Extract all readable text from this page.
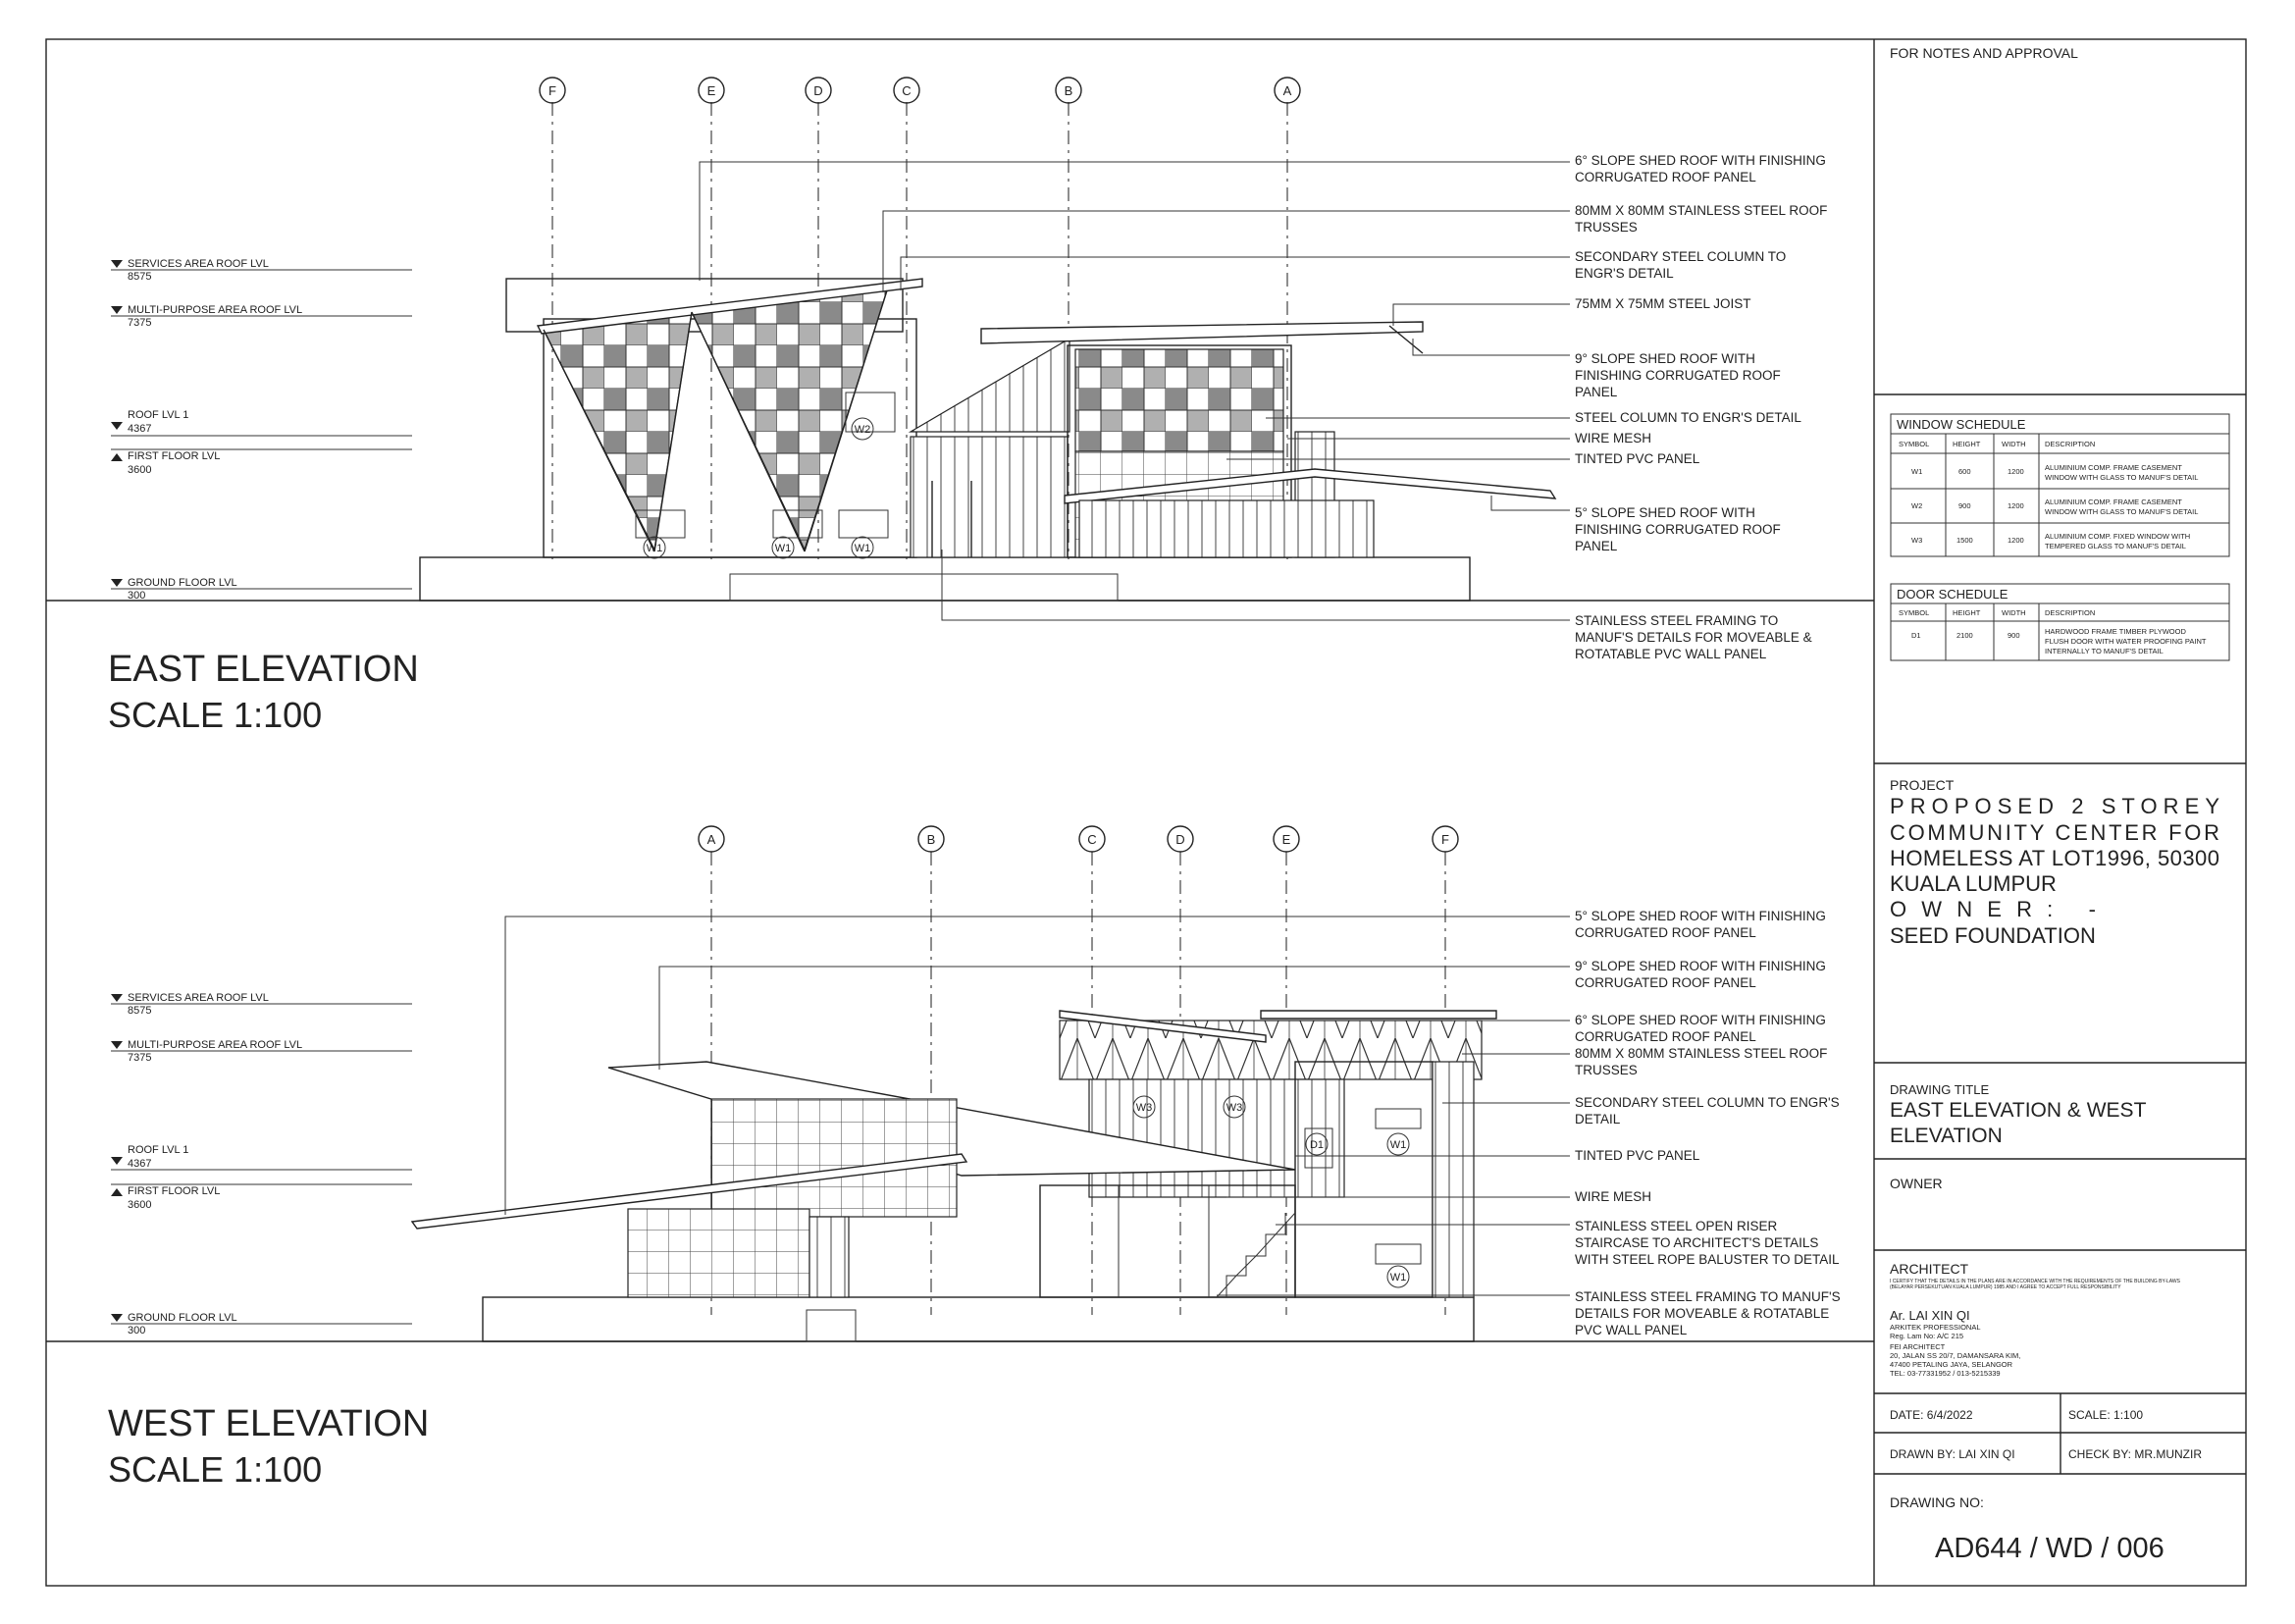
FOR NOTES AND APPROVAL
PROJECT
PROPOSED 2 STOREY
COMMUNITY CENTER FOR
HOMELESS AT LOT1996, 50300
KUALA LUMPUR
OWNER: -
SEED FOUNDATION
DRAWING TITLE
EAST ELEVATION & WEST
ELEVATION
OWNER
ARCHITECT
I CERTIFY THAT THE DETAILS IN THE PLANS ARE IN ACCORDANCE WITH THE REQUIREMENTS OF THE BUILDING BY-LAWS
(BELAYAR PERSEKUTUAN KUALA LUMPUR) 1985 AND I AGREE TO ACCEPT FULL RESPONSIBILITY
Ar. LAI XIN QI
ARKITEK PROFESSIONAL
Reg. Lam No: A/C 215
FEI ARCHITECT
20, JALAN SS 20/7, DAMANSARA KIM,
47400 PETALING JAYA, SELANGOR
TEL: 03-77331952 / 013-5215339
DATE: 6/4/2022	SCALE: 1:100
DRAWN BY: LAI XIN QI	CHECK BY: MR.MUNZIR
DRAWING NO:
AD644 / WD / 006
WINDOW SCHEDULE
SYMBOL	HEIGHT	WIDTH	DESCRIPTION
W1	600	1200	ALUMINIUM COMP. FRAME CASEMENT
WINDOW WITH GLASS TO MANUF'S DETAIL
W2	900	1200	ALUMINIUM COMP. FRAME CASEMENT
WINDOW WITH GLASS TO MANUF'S DETAIL
W3	1500	1200	ALUMINIUM COMP. FIXED WINDOW WITH
TEMPERED GLASS TO MANUF'S DETAIL
DOOR SCHEDULE
SYMBOL	HEIGHT	WIDTH	DESCRIPTION
D1	2100	900	HARDWOOD FRAME TIMBER PLYWOOD
FLUSH DOOR WITH WATER PROOFING PAINT
INTERNALLY TO MANUF'S DETAIL
F	E	D	C	B	A
SERVICES AREA ROOF LVL
8575
MULTI-PURPOSE AREA ROOF LVL
7375
ROOF LVL 1
4367
FIRST FLOOR LVL
3600
GROUND FLOOR LVL
300
W2
W1	W1	W1
6° SLOPE SHED ROOF WITH FINISHING
CORRUGATED ROOF PANEL
80MM X 80MM STAINLESS STEEL ROOF
TRUSSES
SECONDARY STEEL COLUMN TO
ENGR'S DETAIL
75MM X 75MM STEEL JOIST
9° SLOPE SHED ROOF WITH
FINISHING CORRUGATED ROOF
PANEL
STEEL COLUMN TO ENGR'S DETAIL
WIRE MESH
TINTED PVC PANEL
5° SLOPE SHED ROOF WITH
FINISHING CORRUGATED ROOF
PANEL
STAINLESS STEEL FRAMING TO
MANUF'S DETAILS FOR MOVEABLE &
ROTATABLE PVC WALL PANEL
EAST ELEVATION
SCALE 1:100
A	B	C	D	E	F
SERVICES AREA ROOF LVL
8575
MULTI-PURPOSE AREA ROOF LVL
7375
ROOF LVL 1
4367
FIRST FLOOR LVL
3600
GROUND FLOOR LVL
300
W3	W3
D1	W1
W1
5° SLOPE SHED ROOF WITH FINISHING
CORRUGATED ROOF PANEL
9° SLOPE SHED ROOF WITH FINISHING
CORRUGATED ROOF PANEL
6° SLOPE SHED ROOF WITH FINISHING
CORRUGATED ROOF PANEL
80MM X 80MM STAINLESS STEEL ROOF
TRUSSES
SECONDARY STEEL COLUMN TO ENGR'S
DETAIL
TINTED PVC PANEL
WIRE MESH
STAINLESS STEEL OPEN RISER
STAIRCASE TO ARCHITECT'S DETAILS
WITH STEEL ROPE BALUSTER TO DETAIL
STAINLESS STEEL FRAMING TO MANUF'S
DETAILS FOR MOVEABLE & ROTATABLE
PVC WALL PANEL
WEST ELEVATION
SCALE 1:100
